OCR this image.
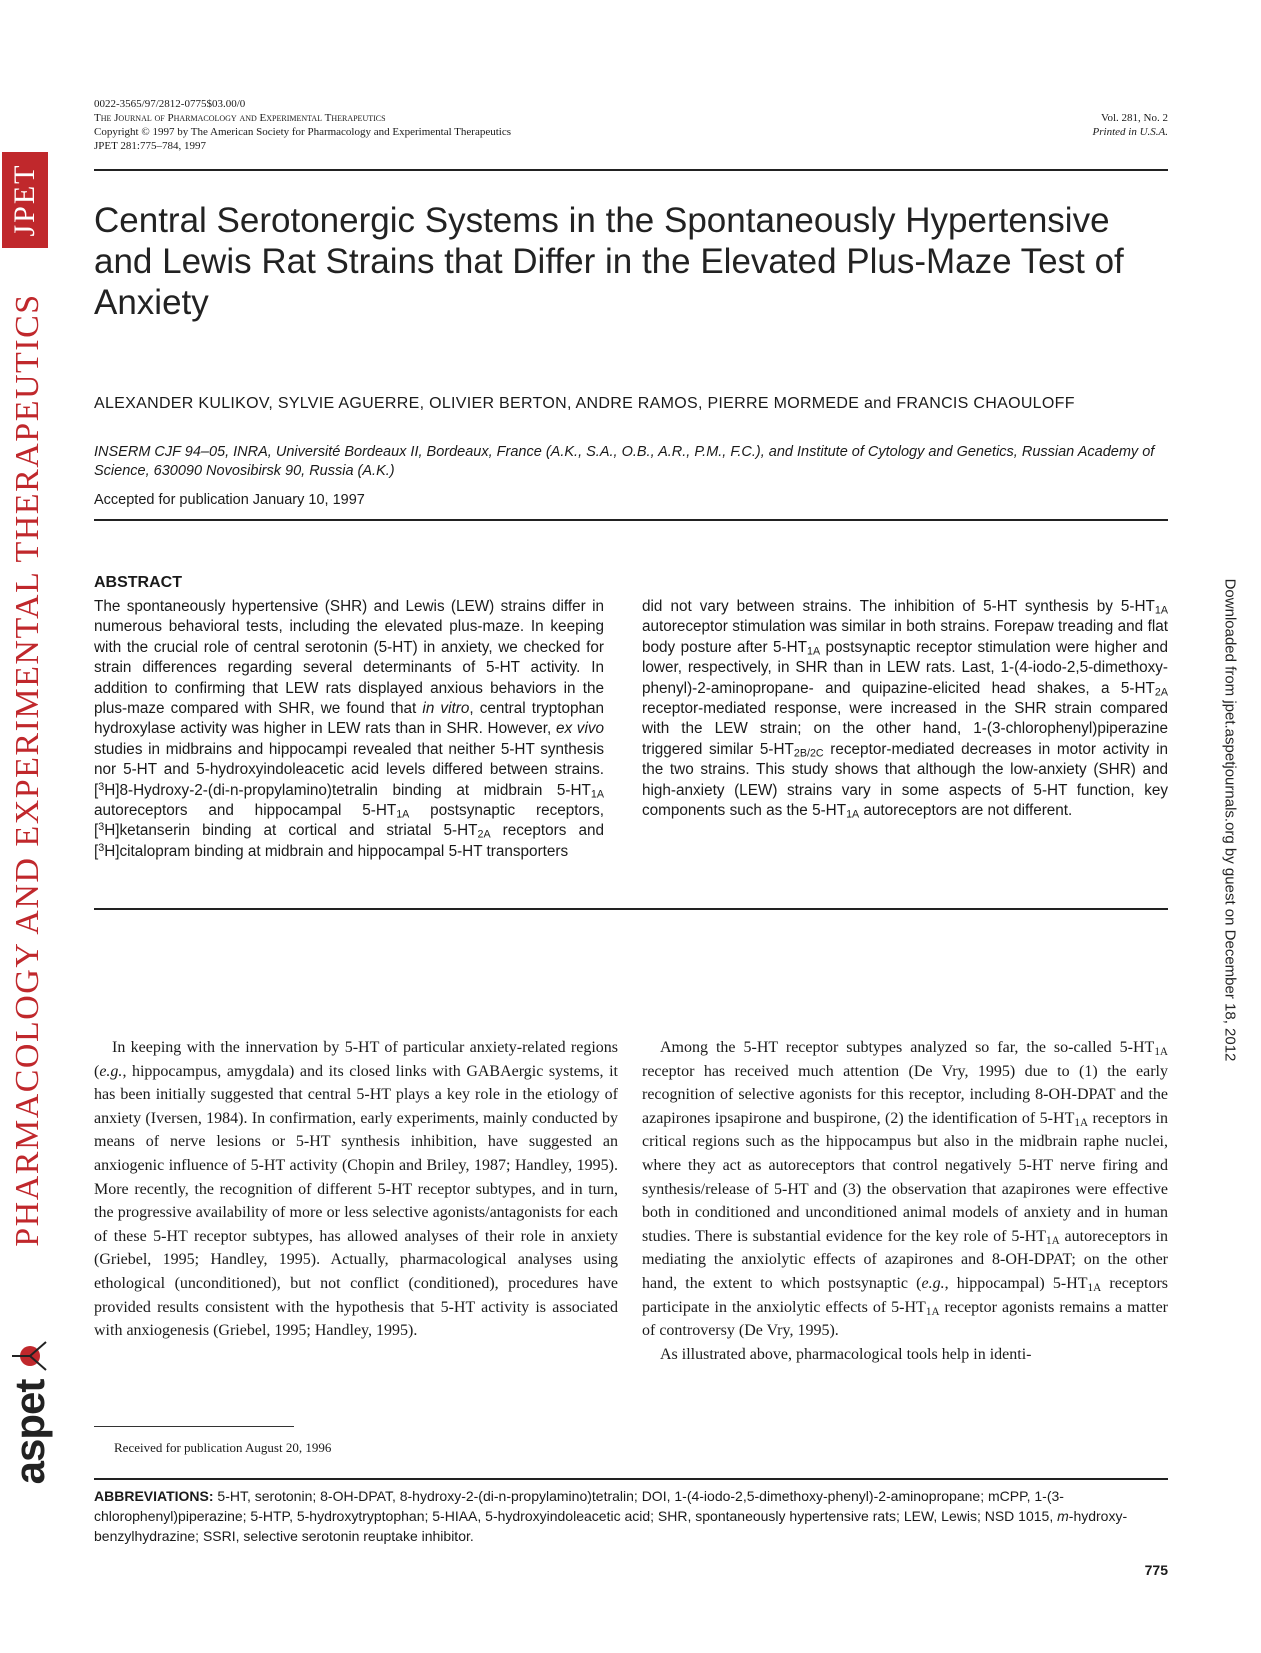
JPET
PHARMACOLOGY AND EXPERIMENTAL THERAPEUTICS
aspet
Downloaded from jpet.aspetjournals.org by guest on December 18, 2012
0022-3565/97/2812-0775$03.00/0
The Journal of Pharmacology and Experimental Therapeutics
Copyright © 1997 by The American Society for Pharmacology and Experimental Therapeutics
JPET 281:775–784, 1997
Vol. 281, No. 2
Printed in U.S.A.
Central Serotonergic Systems in the Spontaneously Hypertensive and Lewis Rat Strains that Differ in the Elevated Plus-Maze Test of Anxiety
ALEXANDER KULIKOV, SYLVIE AGUERRE, OLIVIER BERTON, ANDRE RAMOS, PIERRE MORMEDE and FRANCIS CHAOULOFF
INSERM CJF 94–05, INRA, Université Bordeaux II, Bordeaux, France (A.K., S.A., O.B., A.R., P.M., F.C.), and Institute of Cytology and Genetics, Russian Academy of Science, 630090 Novosibirsk 90, Russia (A.K.)
Accepted for publication January 10, 1997
ABSTRACT
The spontaneously hypertensive (SHR) and Lewis (LEW) strains differ in numerous behavioral tests, including the elevated plus-maze. In keeping with the crucial role of central serotonin (5-HT) in anxiety, we checked for strain differences regarding several determinants of 5-HT activity. In addition to confirming that LEW rats displayed anxious behaviors in the plus-maze compared with SHR, we found that in vitro, central tryptophan hydroxylase activity was higher in LEW rats than in SHR. However, ex vivo studies in midbrains and hippocampi revealed that neither 5-HT synthesis nor 5-HT and 5-hydroxyindoleacetic acid levels differed between strains. [$^3$H]8-Hydroxy-2-(di-n-propylamino)tetralin binding at midbrain $5-HT_{1A}$ autoreceptors and hippocampal $5-HT_{1A}$ postsynaptic receptors, [$^3$H]ketanserin binding at cortical and striatal $5-HT_{2A}$ receptors and [$^3$H]citalopram binding at midbrain and hippocampal 5-HT transporters
did not vary between strains. The inhibition of 5-HT synthesis by $5-HT_{1A}$ autoreceptor stimulation was similar in both strains. Forepaw treading and flat body posture after $5-HT_{1A}$ postsynaptic receptor stimulation were higher and lower, respectively, in SHR than in LEW rats. Last, 1-(4-iodo-2,5-dimethoxy-phenyl)-2-aminopropane- and quipazine-elicited head shakes, a $5-HT_{2A}$ receptor-mediated response, were increased in the SHR strain compared with the LEW strain; on the other hand, 1-(3-chlorophenyl)piperazine triggered similar $5-HT_{2B/2C}$ receptor-mediated decreases in motor activity in the two strains. This study shows that although the low-anxiety (SHR) and high-anxiety (LEW) strains vary in some aspects of 5-HT function, key components such as the $5-HT_{1A}$ autoreceptors are not different.

In keeping with the innervation by 5-HT of particular anxiety-related regions (e.g., hippocampus, amygdala) and its closed links with GABAergic systems, it has been initially suggested that central 5-HT plays a key role in the etiology of anxiety (Iversen, 1984). In confirmation, early experiments, mainly conducted by means of nerve lesions or 5-HT synthesis inhibition, have suggested an anxiogenic influence of 5-HT activity (Chopin and Briley, 1987; Handley, 1995). More recently, the recognition of different 5-HT receptor subtypes, and in turn, the progressive availability of more or less selective agonists/antagonists for each of these 5-HT receptor subtypes, has allowed analyses of their role in anxiety (Griebel, 1995; Handley, 1995). Actually, pharmacological analyses using ethological (unconditioned), but not conflict (conditioned), procedures have provided results consistent with the hypothesis that 5-HT activity is associated with anxiogenesis (Griebel, 1995; Handley, 1995).

Among the 5-HT receptor subtypes analyzed so far, the so-called $5-HT_{1A}$ receptor has received much attention (De Vry, 1995) due to (1) the early recognition of selective agonists for this receptor, including 8-OH-DPAT and the azapirones ipsapirone and buspirone, (2) the identification of $5-HT_{1A}$ receptors in critical regions such as the hippocampus but also in the midbrain raphe nuclei, where they act as autoreceptors that control negatively 5-HT nerve firing and synthesis/release of 5-HT and (3) the observation that azapirones were effective both in conditioned and unconditioned animal models of anxiety and in human studies. There is substantial evidence for the key role of $5-HT_{1A}$ autoreceptors in mediating the anxiolytic effects of azapirones and 8-OH-DPAT; on the other hand, the extent to which postsynaptic (e.g., hippocampal) $5-HT_{1A}$ receptors participate in the anxiolytic effects of $5-HT_{1A}$ receptor agonists remains a matter of controversy (De Vry, 1995).

As illustrated above, pharmacological tools help in identi-

Received for publication August 20, 1996
ABBREVIATIONS: 5-HT, serotonin; 8-OH-DPAT, 8-hydroxy-2-(di-n-propylamino)tetralin; DOI, 1-(4-iodo-2,5-dimethoxy-phenyl)-2-aminopropane; mCPP, 1-(3-chlorophenyl)piperazine; 5-HTP, 5-hydroxytryptophan; 5-HIAA, 5-hydroxyindoleacetic acid; SHR, spontaneously hypertensive rats; LEW, Lewis; NSD 1015, m-hydroxy-benzylhydrazine; SSRI, selective serotonin reuptake inhibitor.
775
